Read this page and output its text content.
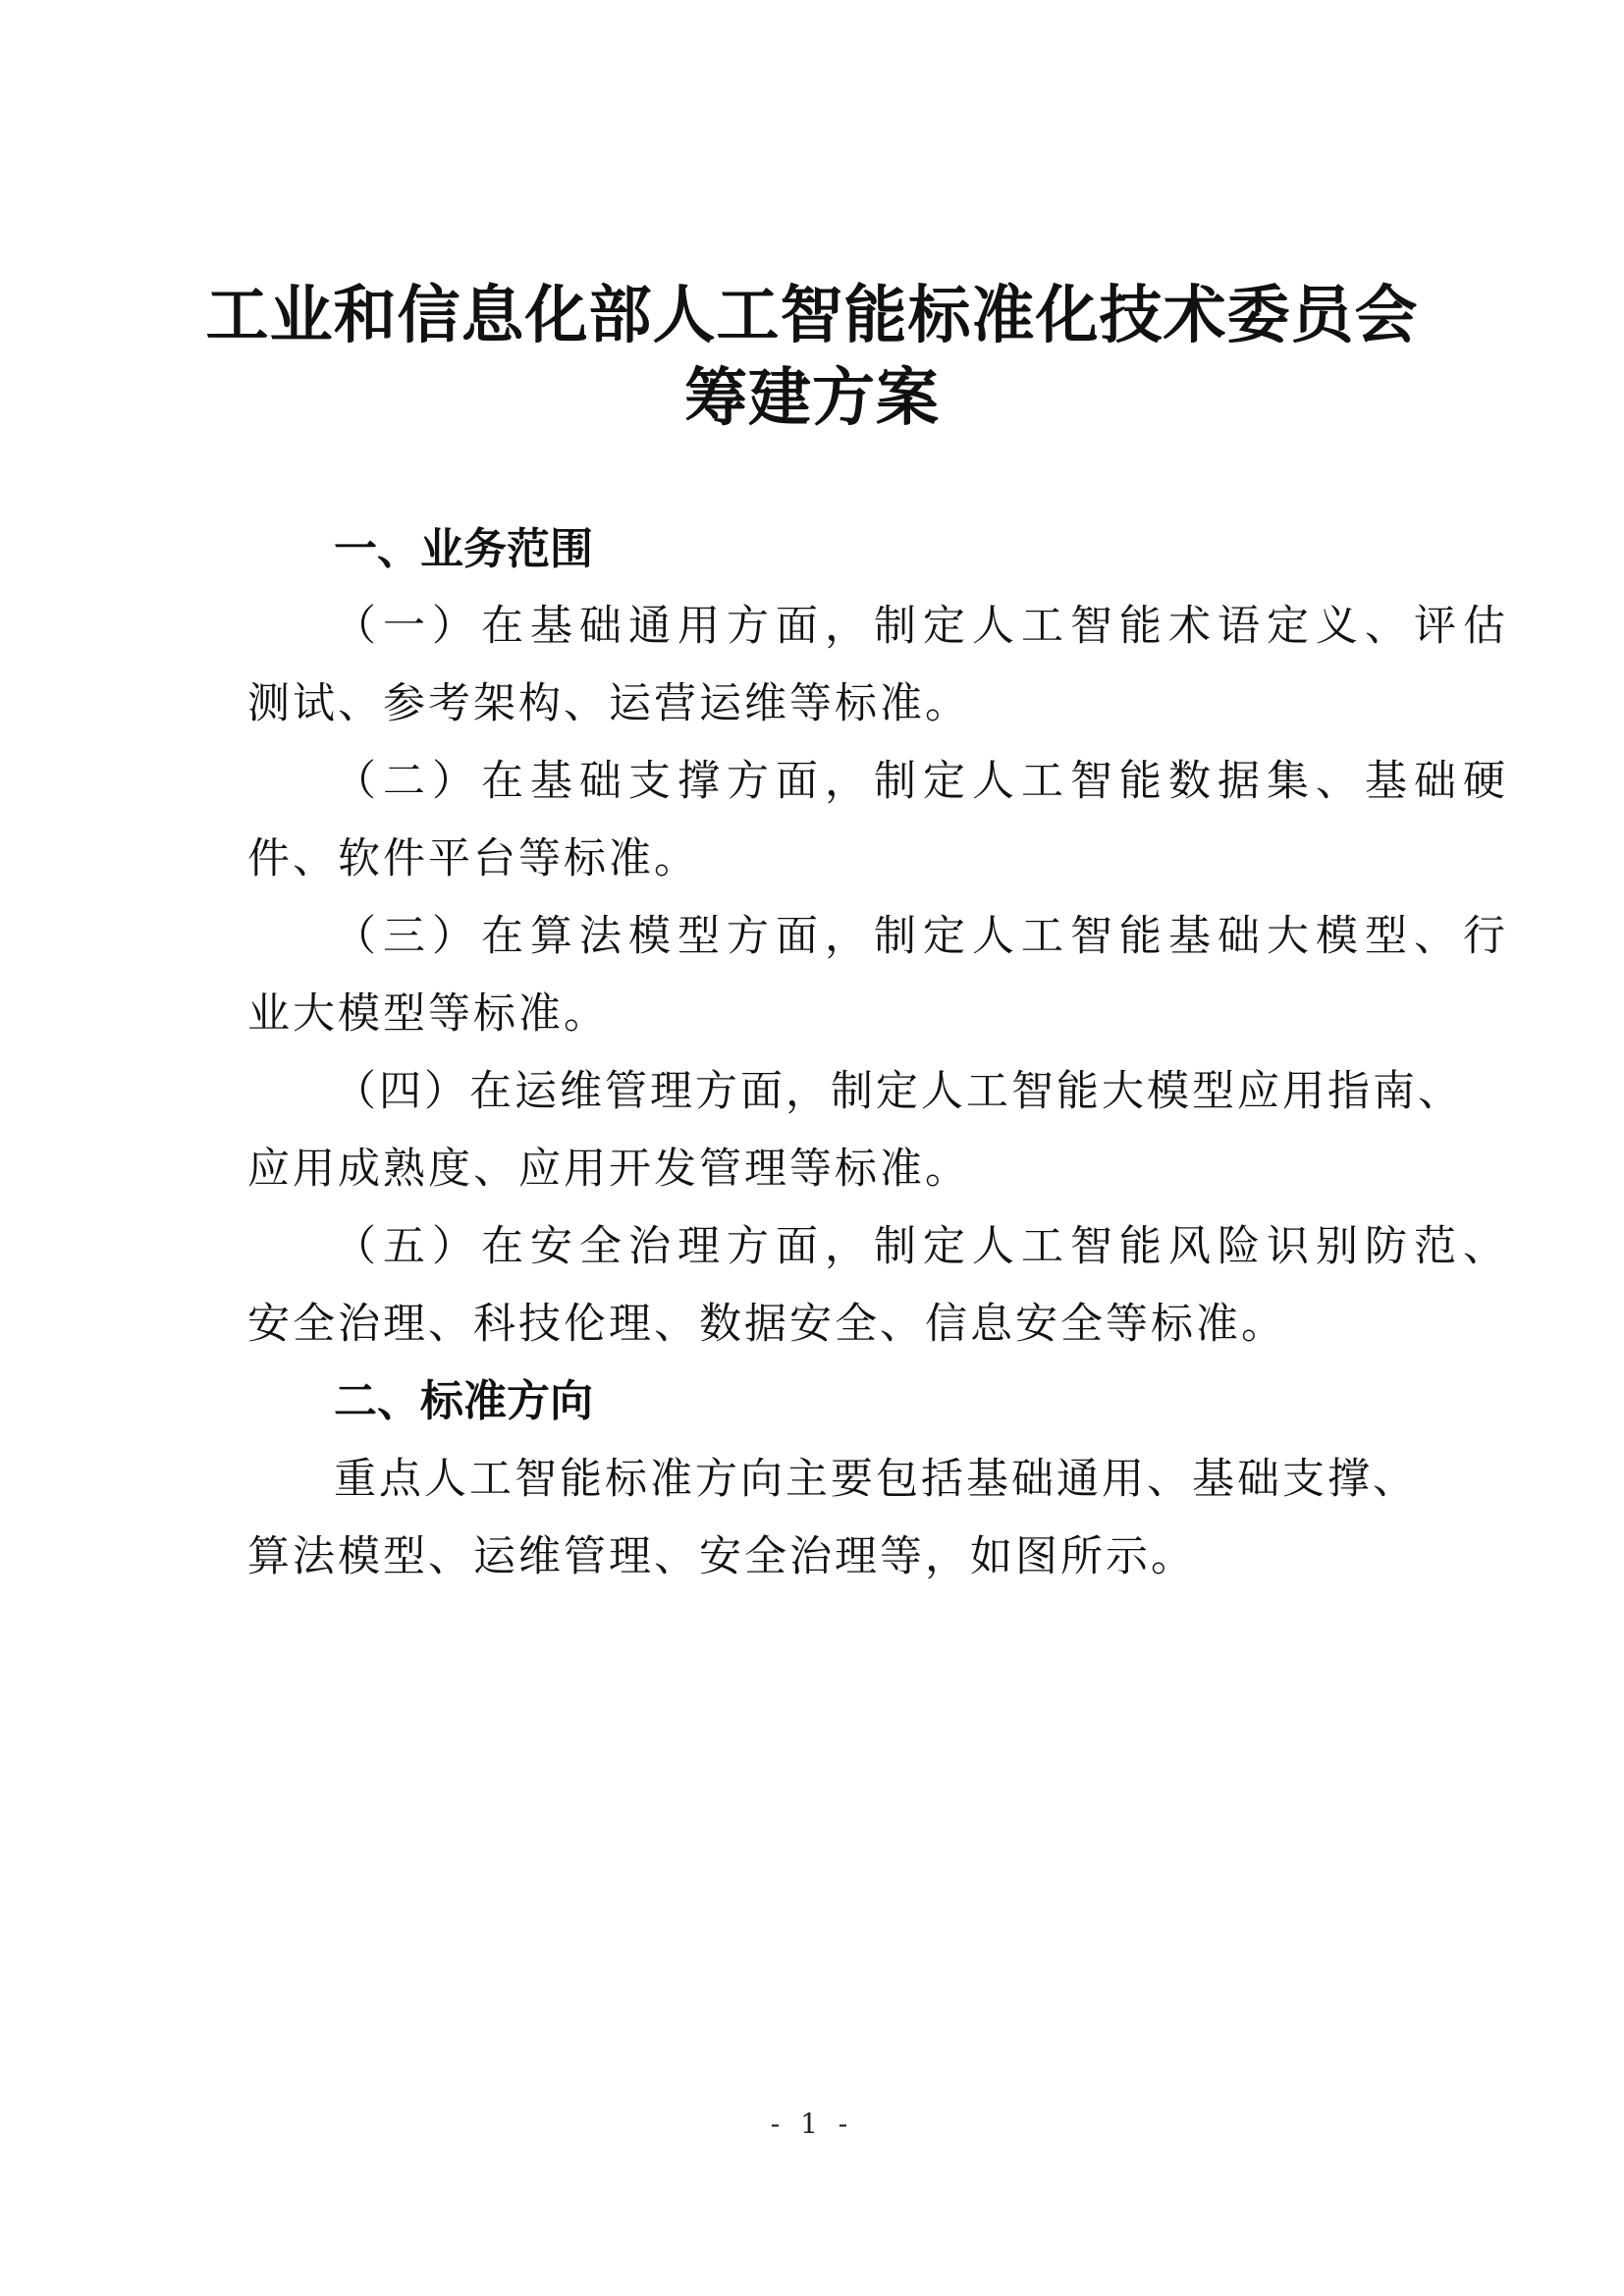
工业和信息化部人工智能标准化技术委员会
筹建方案
一、业务范围

（一）在基础通用方面，制定人工智能术语定义、评估

测试、参考架构、运营运维等标准。

（二）在基础支撑方面，制定人工智能数据集、基础硬

件、软件平台等标准。

（三）在算法模型方面，制定人工智能基础大模型、行

业大模型等标准。

（四）在运维管理方面，制定人工智能大模型应用指南、

应用成熟度、应用开发管理等标准。

（五）在安全治理方面，制定人工智能风险识别防范、

安全治理、科技伦理、数据安全、信息安全等标准。

二、标准方向

重点人工智能标准方向主要包括基础通用、基础支撑、

算法模型、运维管理、安全治理等，如图所示。

- 1 -
